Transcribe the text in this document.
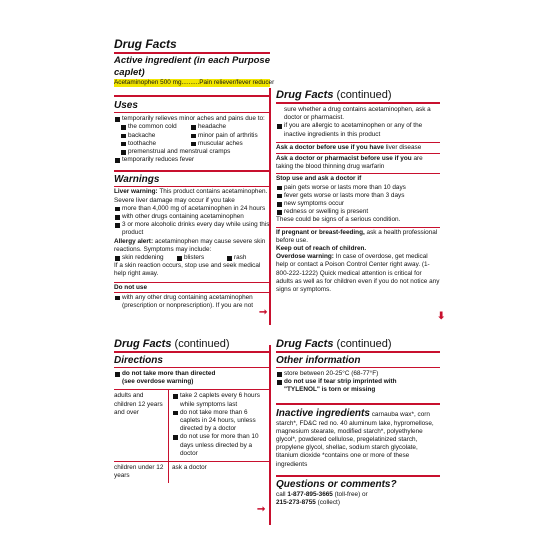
Drug Facts
Active ingredient (in each caplet)
Purpose
Acetaminophen 500 mg..........Pain reliever/fever reducer
Uses
temporarily relieves minor aches and pains due to:
the common cold	headache
backache	minor pain of arthritis
toothache	muscular aches
premenstrual and menstrual cramps
temporarily reduces fever
Warnings
Liver warning: This product contains acetaminophen. Severe liver damage may occur if you take
more than 4,000 mg of acetaminophen in 24 hours
with other drugs containing acetaminophen
3 or more alcoholic drinks every day while using this product
Allergy alert: acetaminophen may cause severe skin reactions. Symptoms may include:
skin reddening	blisters	rash
If a skin reaction occurs, stop use and seek medical help right away.
Do not use
with any other drug containing acetaminophen (prescription or nonprescription). If you are not
➞
Drug Facts (continued)
sure whether a drug contains acetaminophen, ask a doctor or pharmacist.
if you are allergic to acetaminophen or any of the inactive ingredients in this product
Ask a doctor before use if you have liver disease
Ask a doctor or pharmacist before use if you are taking the blood thinning drug warfarin
Stop use and ask a doctor if
pain gets worse or lasts more than 10 days
fever gets worse or lasts more than 3 days
new symptoms occur
redness or swelling is present
These could be signs of a serious condition.
If pregnant or breast-feeding, ask a health professional before use.
Keep out of reach of children.
Overdose warning: In case of overdose, get medical help or contact a Poison Control Center right away. (1-800-222-1222) Quick medical attention is critical for adults as well as for children even if you do not notice any signs or symptoms.
⬇
Drug Facts (continued)
Directions
do not take more than directed
(see overdose warning)
adults and children 12 years and over	take 2 caplets every 6 hours while symptoms last
do not take more than 6 caplets in 24 hours, unless directed by a doctor
do not use for more than 10 days unless directed by a doctor

children under 12 years	ask a doctor
➞
Drug Facts (continued)
Other information
store between 20-25°C (68-77°F)
do not use if tear strip imprinted with
"TYLENOL" is torn or missing
Inactive ingredients carnauba wax*, corn starch*, FD&C red no. 40 aluminum lake, hypromellose, magnesium stearate, modified starch*, polyethylene glycol*, powdered cellulose, pregelatinized starch, propylene glycol, shellac, sodium starch glycolate, titanium dioxide *contains one or more of these ingredients
Questions or comments?
call 1-877-895-3665 (toll-free) or
215-273-8755 (collect)
